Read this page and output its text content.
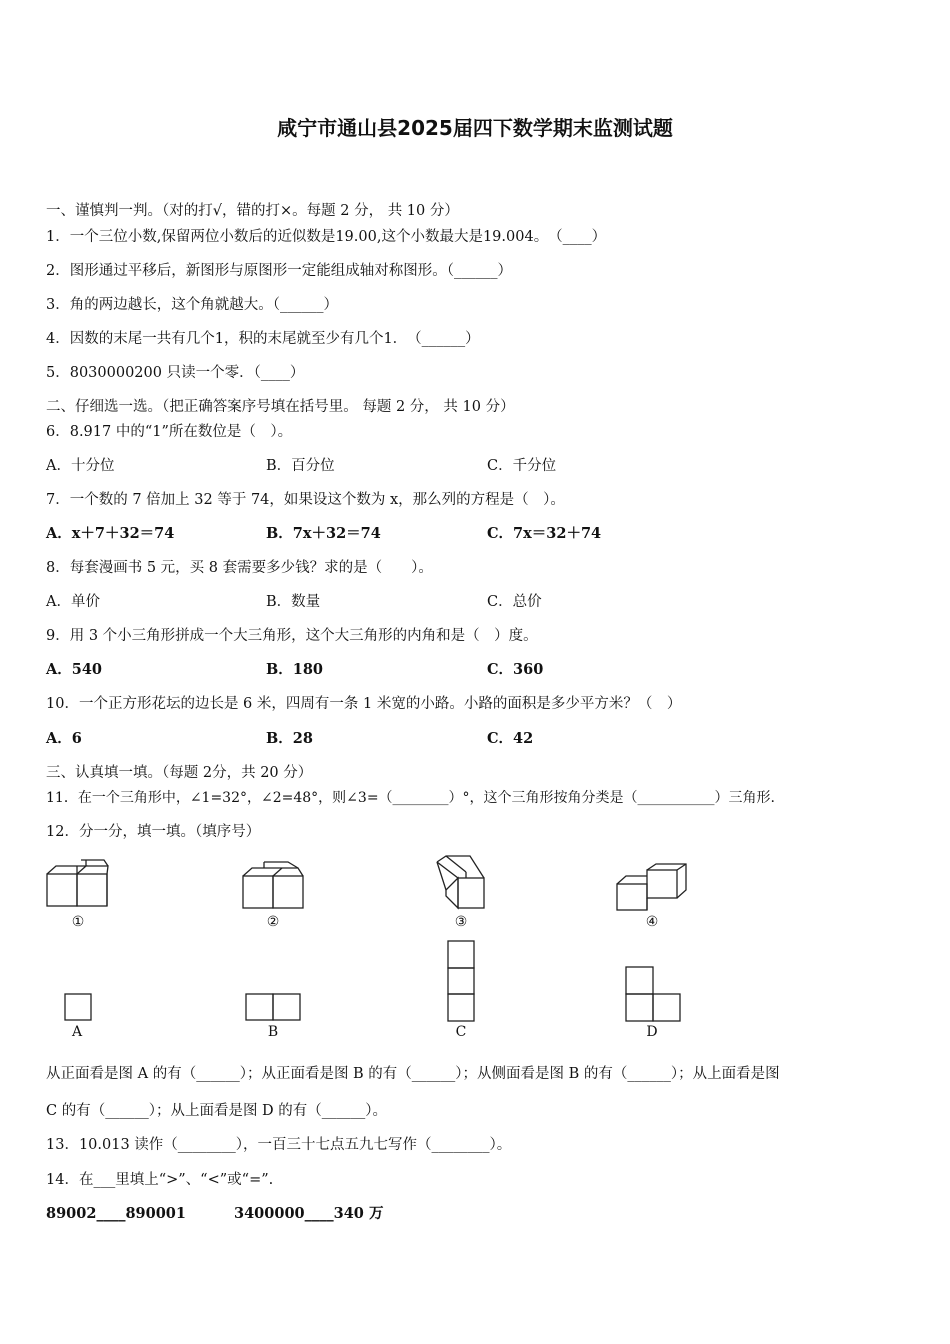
咸宁市通山县2025届四下数学期末监测试题
一、谨慎判一判。（对的打√，错的打×。每题 2 分， 共 10 分）
1．一个三位小数,保留两位小数后的近似数是19.00,这个小数最大是19.004。　（____）
2．图形通过平移后，新图形与原图形一定能组成轴对称图形。（______）
3．角的两边越长，这个角就越大。（______）
4．因数的末尾一共有几个1，积的末尾就至少有几个1．　（______）
5．8030000200 只读一个零．（____）
二、仔细选一选。（把正确答案序号填在括号里。 每题 2 分， 共 10 分）
6．8.917 中的“1”所在数位是（　）。
A．十分位	B．百分位	C．千分位
7．一个数的 7 倍加上 32 等于 74，如果设这个数为 x，那么列的方程是（　）。
A．x＋7＋32＝74	B．7x＋32＝74	C．7x＝32＋74
8．每套漫画书 5 元，买 8 套需要多少钱？求的是（　　）。
A．单价	B．数量	C．总价
9．用 3 个小三角形拼成一个大三角形，这个大三角形的内角和是（　）度。
A．540	B．180	C．360
10．一个正方形花坛的边长是 6 米，四周有一条 1 米宽的小路。小路的面积是多少平方米？（　）
A．6	B．28	C．42
三、认真填一填。（每题 2分，共 20 分）
11．在一个三角形中，∠1=32°，∠2=48°，则∠3=（________）°，这个三角形按角分类是（___________）三角形.
12．分一分，填一填。（填序号）
①	②	③	④
A	B	C	D
从正面看是图 A 的有（______）；从正面看是图 B 的有（______）；从侧面看是图 B 的有（______）；从上面看是图
C 的有（______）；从上面看是图 D 的有（______）。
13．10.013 读作（________），一百三十七点五九七写作（________）。
14．在___里填上“>”、“<”或“=”.
89002____890001	3400000____340 万
